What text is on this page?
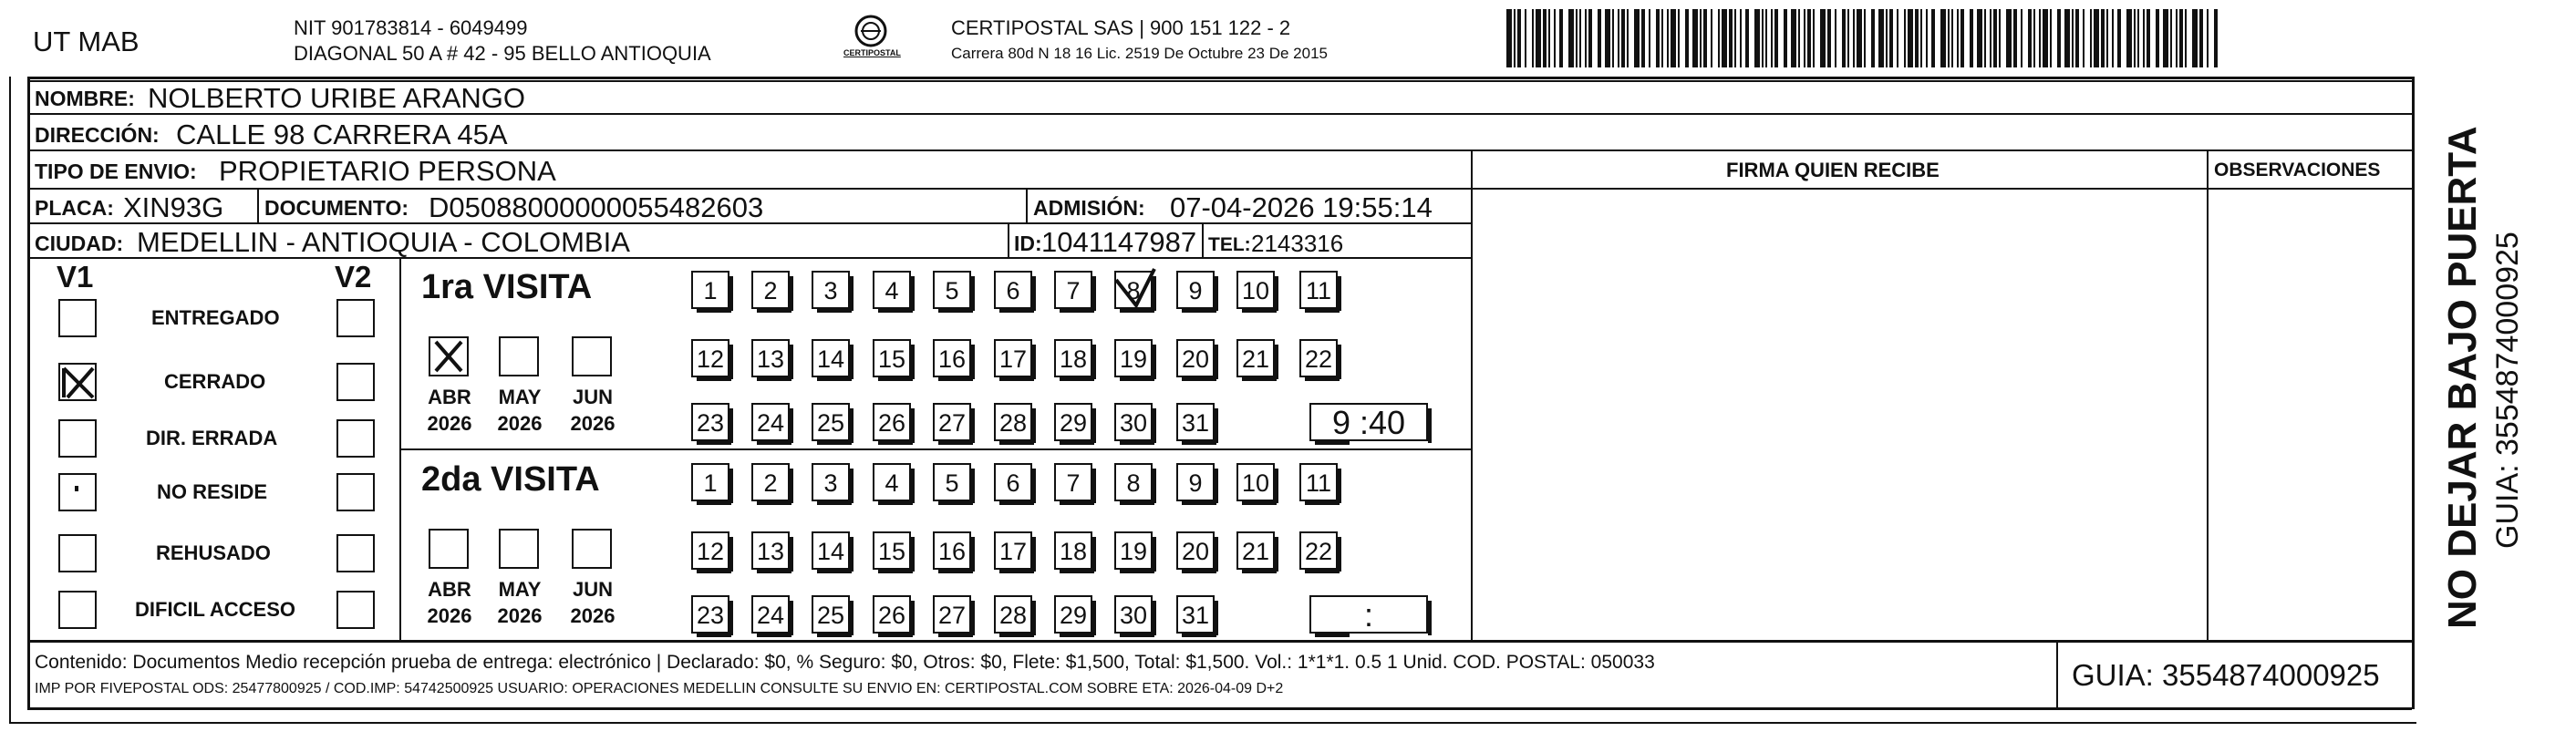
UT MAB	NIT 901783814 - 6049499
DIAGONAL 50 A # 42 - 95 BELLO ANTIOQUIA	CERTIPOSTAL
CERTIPOSTAL SAS | 900 151 122 - 2
Carrera 80d N 18 16 Lic. 2519 De Octubre 23 De 2015
NOMBRE: NOLBERTO URIBE ARANGO
DIRECCIÓN: CALLE 98 CARRERA 45A
TIPO DE ENVIO: PROPIETARIO PERSONA	FIRMA QUIEN RECIBE	OBSERVACIONES
PLACA: XIN93G DOCUMENTO: D05088000000055482603	ADMISIÓN: 07-04-2026 19:55:14
CIUDAD: MEDELLIN - ANTIOQUIA - COLOMBIA	ID: 1041147987 TEL: 2143316
V1	V2
ENTREGADO
CERRADO
DIR. ERRADA
NO RESIDE
REHUSADO
DIFICIL ACCESO
1ra VISITA
ABR
2026
MAY
2026
JUN
2026
1	2	3	4	5	6	7	8	9	10 11
12 13 14 15 16 17 18 19 20 21 22
23 24 25 26 27 28 29 30 31	9 :40
2da VISITA
ABR
2026
MAY
2026
JUN
2026
1	2	3	4	5	6	7	8	9	10 11
12 13 14 15 16 17 18 19 20 21 22
23 24 25 26 27 28 29 30 31	:	NO DEJAR BAJO PUERTA GUIA: 3554874000925
Contenido: Documentos Medio recepción prueba de entrega: electrónico | Declarado: $0, % Seguro: $0, Otros: $0, Flete: $1,500, Total: $1,500. Vol.: 1*1*1. 0.5 1 Unid. COD. POSTAL: 050033
IMP POR FIVEPOSTAL ODS: 25477800925 / COD.IMP: 54742500925 USUARIO: OPERACIONES MEDELLIN CONSULTE SU ENVIO EN: CERTIPOSTAL.COM SOBRE ETA: 2026-04-09 D+2	GUIA: 3554874000925
